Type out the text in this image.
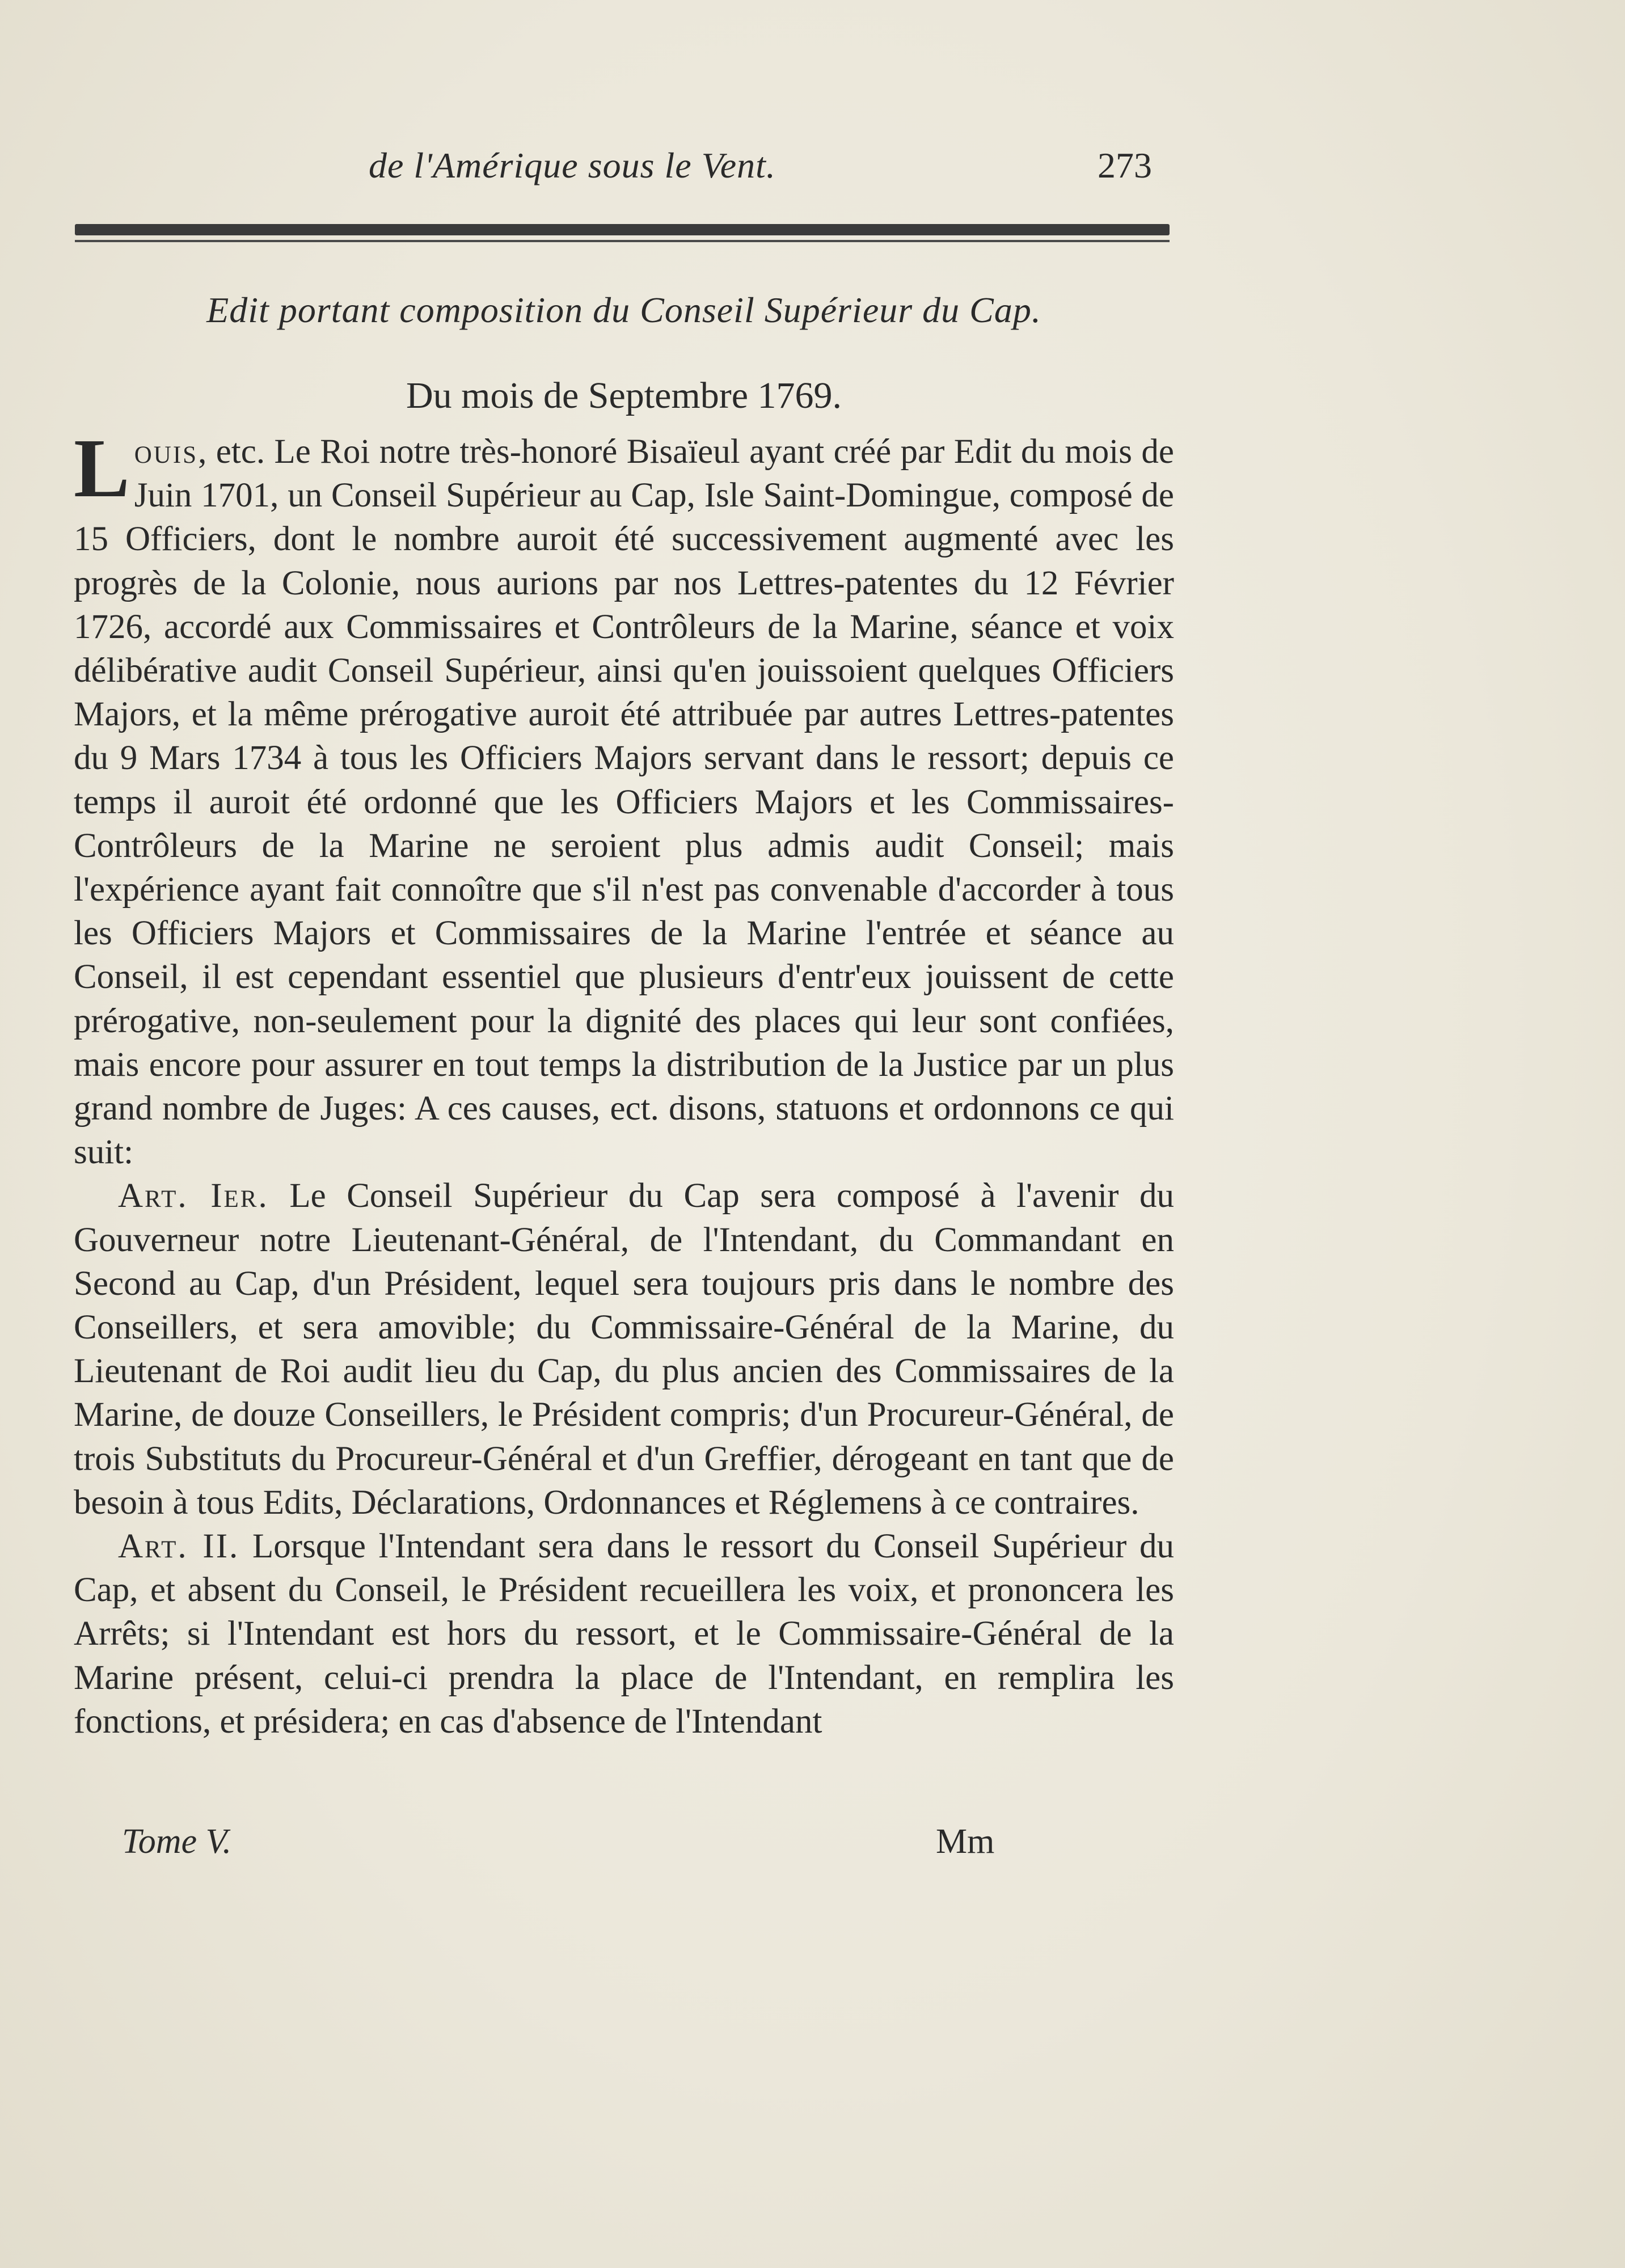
de l'Amérique sous le Vent.	273
Edit portant composition du Conseil Supérieur du Cap.
Du mois de Septembre 1769.

Louis, etc. Le Roi notre très-honoré Bisaïeul ayant créé par Edit du mois de Juin 1701, un Conseil Supérieur au Cap, Isle Saint-Domingue, composé de 15 Officiers, dont le nombre auroit été successivement augmenté avec les progrès de la Colonie, nous aurions par nos Lettres-patentes du 12 Février 1726, accordé aux Commissaires et Contrôleurs de la Marine, séance et voix délibérative audit Conseil Supérieur, ainsi qu'en jouissoient quelques Officiers Majors, et la même prérogative auroit été attribuée par autres Lettres-patentes du 9 Mars 1734 à tous les Officiers Majors servant dans le ressort; depuis ce temps il auroit été ordonné que les Officiers Majors et les Commissaires-Contrôleurs de la Marine ne seroient plus admis audit Conseil; mais l'expérience ayant fait connoître que s'il n'est pas convenable d'accorder à tous les Officiers Majors et Commissaires de la Marine l'entrée et séance au Conseil, il est cependant essentiel que plusieurs d'entr'eux jouissent de cette prérogative, non-seulement pour la dignité des places qui leur sont confiées, mais encore pour assurer en tout temps la distribution de la Justice par un plus grand nombre de Juges: A ces causes, ect. disons, statuons et ordonnons ce qui suit:

Art. Ier. Le Conseil Supérieur du Cap sera composé à l'avenir du Gouverneur notre Lieutenant-Général, de l'Intendant, du Commandant en Second au Cap, d'un Président, lequel sera toujours pris dans le nombre des Conseillers, et sera amovible; du Commissaire-Général de la Marine, du Lieutenant de Roi audit lieu du Cap, du plus ancien des Commissaires de la Marine, de douze Conseillers, le Président compris; d'un Procureur-Général, de trois Substituts du Procureur-Général et d'un Greffier, dérogeant en tant que de besoin à tous Edits, Déclarations, Ordonnances et Réglemens à ce contraires.

Art. II. Lorsque l'Intendant sera dans le ressort du Conseil Supérieur du Cap, et absent du Conseil, le Président recueillera les voix, et prononcera les Arrêts; si l'Intendant est hors du ressort, et le Commissaire-Général de la Marine présent, celui-ci prendra la place de l'Intendant, en remplira les fonctions, et présidera; en cas d'absence de l'Intendant

Tome V.	Mm
